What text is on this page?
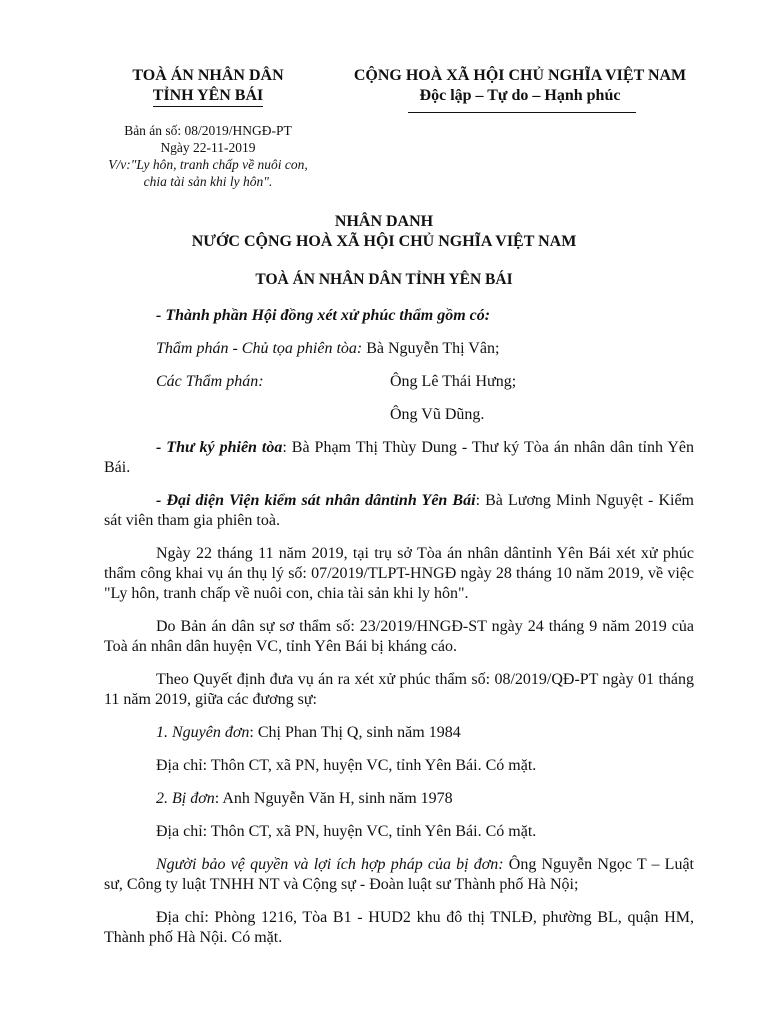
TOÀ ÁN NHÂN DÂN
TỈNH YÊN BÁI
CỘNG HOÀ XÃ HỘI CHỦ NGHĨA VIỆT NAM
Độc lập – Tự do – Hạnh phúc
Bản án số: 08/2019/HNGĐ-PT
Ngày 22-11-2019
V/v:"Ly hôn, tranh chấp về nuôi con,
chia tài sản khi ly hôn".
NHÂN DANH
NƯỚC CỘNG HOÀ XÃ HỘI CHỦ NGHĨA VIỆT NAM
TOÀ ÁN NHÂN DÂN TỈNH YÊN BÁI

- Thành phần Hội đồng xét xử phúc thẩm gồm có:

Thẩm phán - Chủ tọa phiên tòa: Bà Nguyễn Thị Vân;
Các Thẩm phán:	Ông Lê Thái Hưng;
Ông Vũ Dũng.

- Thư ký phiên tòa: Bà Phạm Thị Thùy Dung - Thư ký Tòa án nhân dân tỉnh Yên Bái.

- Đại diện Viện kiểm sát nhân dântỉnh Yên Bái: Bà Lương Minh Nguyệt - Kiểm sát viên tham gia phiên toà.

Ngày 22 tháng 11 năm 2019, tại trụ sở Tòa án nhân dântỉnh Yên Bái xét xử phúc thẩm công khai vụ án thụ lý số: 07/2019/TLPT-HNGĐ ngày 28 tháng 10 năm 2019, về việc "Ly hôn, tranh chấp về nuôi con, chia tài sản khi ly hôn".

Do Bản án dân sự sơ thẩm số: 23/2019/HNGĐ-ST ngày 24 tháng 9 năm 2019 của Toà án nhân dân huyện VC, tỉnh Yên Bái bị kháng cáo.

Theo Quyết định đưa vụ án ra xét xử phúc thẩm số: 08/2019/QĐ-PT ngày 01 tháng 11 năm 2019, giữa các đương sự:

1. Nguyên đơn: Chị Phan Thị Q, sinh năm 1984

Địa chỉ: Thôn CT, xã PN, huyện VC, tỉnh Yên Bái. Có mặt.

2. Bị đơn: Anh Nguyễn Văn H, sinh năm 1978

Địa chỉ: Thôn CT, xã PN, huyện VC, tỉnh Yên Bái. Có mặt.

Người bảo vệ quyền và lợi ích hợp pháp của bị đơn: Ông Nguyễn Ngọc T – Luật sư, Công ty luật TNHH NT và Cộng sự - Đoàn luật sư Thành phố Hà Nội;

Địa chỉ: Phòng 1216, Tòa B1 - HUD2 khu đô thị TNLĐ, phường BL, quận HM, Thành phố Hà Nội. Có mặt.
